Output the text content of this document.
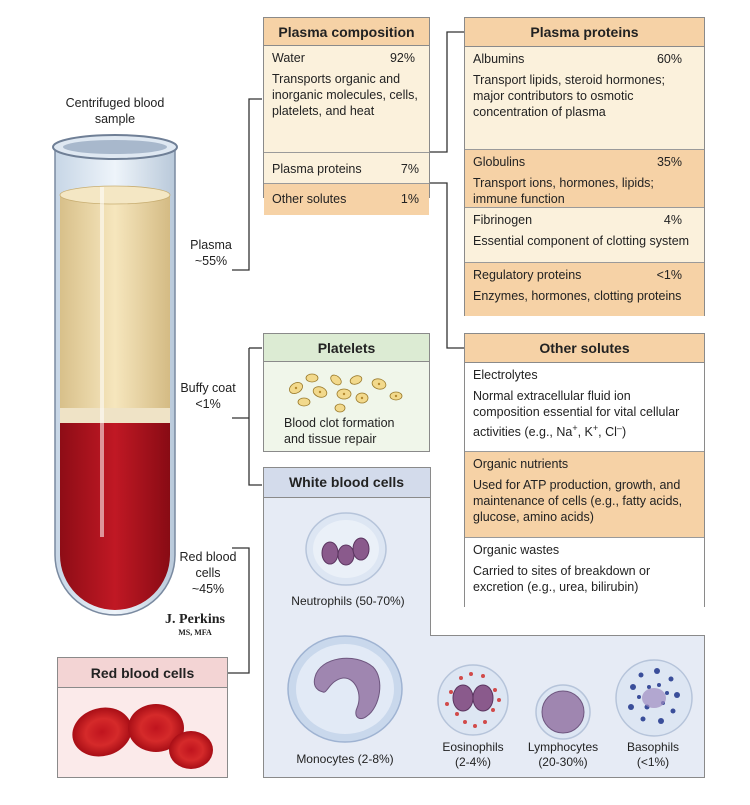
Centrifuged blood sample
Plasma
~55%
Buffy coat
<1%
Red blood cells
~45%
J. Perkins
MS, MFA
Plasma composition
Water	92%
Transports organic and inorganic molecules, cells, platelets, and heat
Plasma proteins	7%
Other solutes	1%
Plasma proteins
Albumins	60%
Transport lipids, steroid hormones; major contributors to osmotic concentration of plasma
Globulins	35%
Transport ions, hormones, lipids; immune function
Fibrinogen	4%
Essential component of clotting system
Regulatory proteins	<1%
Enzymes, hormones, clotting proteins
Platelets
Blood clot formation and tissue repair
Other solutes
Electrolytes
Normal extracellular fluid ion composition essential for vital cellular activities (e.g., Na+, K+, Cl–)
Organic nutrients
Used for ATP production, growth, and maintenance of cells (e.g., fatty acids, glucose, amino acids)
Organic wastes
Carried to sites of breakdown or excretion (e.g., urea, bilirubin)
White blood cells
Neutrophils (50-70%)
Monocytes (2-8%)
Eosinophils
(2-4%)
Lymphocytes
(20-30%)
Basophils
(<1%)
Red blood cells
